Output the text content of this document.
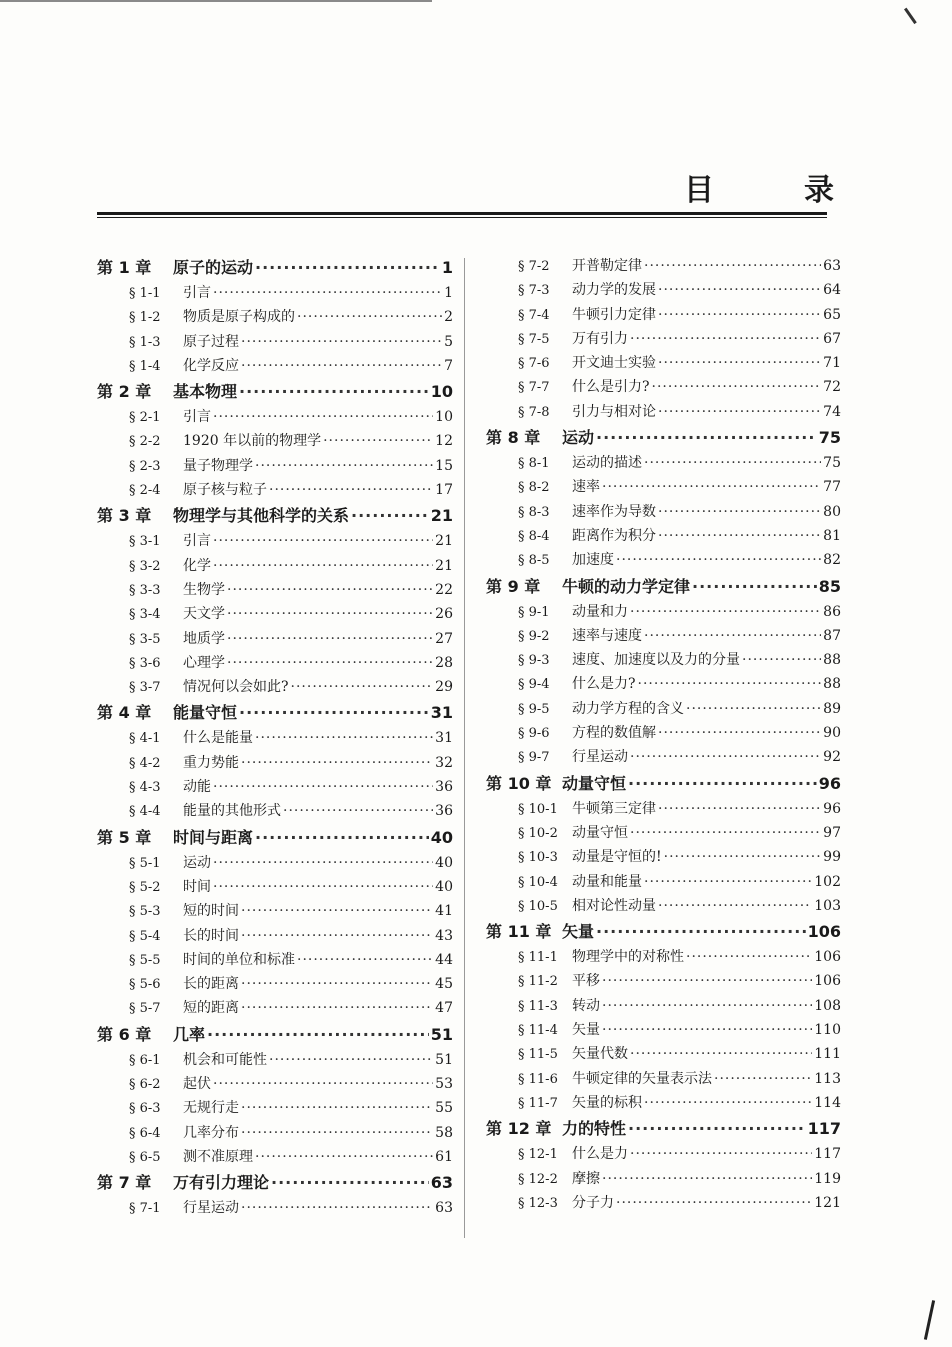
目	录
第 1 章	原子的运动 ·····	1
§ 1-1	引言 ·····	1
§ 1-2	物质是原子构成的 ·····	2
§ 1-3	原子过程 ·····	5
§ 1-4	化学反应 ·····	7
第 2 章	基本物理 ·····	10
§ 2-1	引言 ·····	10
§ 2-2	1920 年以前的物理学 ·····	12
§ 2-3	量子物理学 ·····	15
§ 2-4	原子核与粒子 ·····	17
第 3 章	物理学与其他科学的关系 ·····	21
§ 3-1	引言 ·····	21
§ 3-2	化学 ·····	21
§ 3-3	生物学 ·····	22
§ 3-4	天文学 ·····	26
§ 3-5	地质学 ·····	27
§ 3-6	心理学 ·····	28
§ 3-7	情况何以会如此? ·····	29
第 4 章	能量守恒 ·····	31
§ 4-1	什么是能量 ·····	31
§ 4-2	重力势能 ·····	32
§ 4-3	动能 ·····	36
§ 4-4	能量的其他形式 ·····	36
第 5 章	时间与距离 ·····	40
§ 5-1	运动 ·····	40
§ 5-2	时间 ·····	40
§ 5-3	短的时间 ·····	41
§ 5-4	长的时间 ·····	43
§ 5-5	时间的单位和标准 ·····	44
§ 5-6	长的距离 ·····	45
§ 5-7	短的距离 ·····	47
第 6 章	几率 ·····	51
§ 6-1	机会和可能性 ·····	51
§ 6-2	起伏 ·····	53
§ 6-3	无规行走 ·····	55
§ 6-4	几率分布 ·····	58
§ 6-5	测不准原理 ·····	61
第 7 章	万有引力理论 ·····	63
§ 7-1	行星运动 ·····	63
§ 7-2	开普勒定律 ·····	63
§ 7-3	动力学的发展 ·····	64
§ 7-4	牛顿引力定律 ·····	65
§ 7-5	万有引力 ·····	67
§ 7-6	开文迪士实验 ·····	71
§ 7-7	什么是引力? ·····	72
§ 7-8	引力与相对论 ·····	74
第 8 章	运动 ·····	75
§ 8-1	运动的描述 ·····	75
§ 8-2	速率 ·····	77
§ 8-3	速率作为导数 ·····	80
§ 8-4	距离作为积分 ·····	81
§ 8-5	加速度 ·····	82
第 9 章	牛顿的动力学定律 ·····	85
§ 9-1	动量和力 ·····	86
§ 9-2	速率与速度 ·····	87
§ 9-3	速度、加速度以及力的分量 ·····	88
§ 9-4	什么是力? ·····	88
§ 9-5	动力学方程的含义 ·····	89
§ 9-6	方程的数值解 ·····	90
§ 9-7	行星运动 ·····	92
第 10 章 动量守恒 ·····	96
§ 10-1	牛顿第三定律 ·····	96
§ 10-2	动量守恒 ·····	97
§ 10-3	动量是守恒的! ·····	99
§ 10-4	动量和能量 ·····	102
§ 10-5	相对论性动量 ·····	103
第 11 章 矢量 ·····	106
§ 11-1	物理学中的对称性 ·····	106
§ 11-2	平移 ·····	106
§ 11-3	转动 ·····	108
§ 11-4	矢量 ·····	110
§ 11-5	矢量代数 ·····	111
§ 11-6	牛顿定律的矢量表示法 ·····	113
§ 11-7	矢量的标积 ·····	114
第 12 章 力的特性 ·····	117
§ 12-1	什么是力 ·····	117
§ 12-2	摩擦 ·····	119
§ 12-3	分子力 ·····	121
